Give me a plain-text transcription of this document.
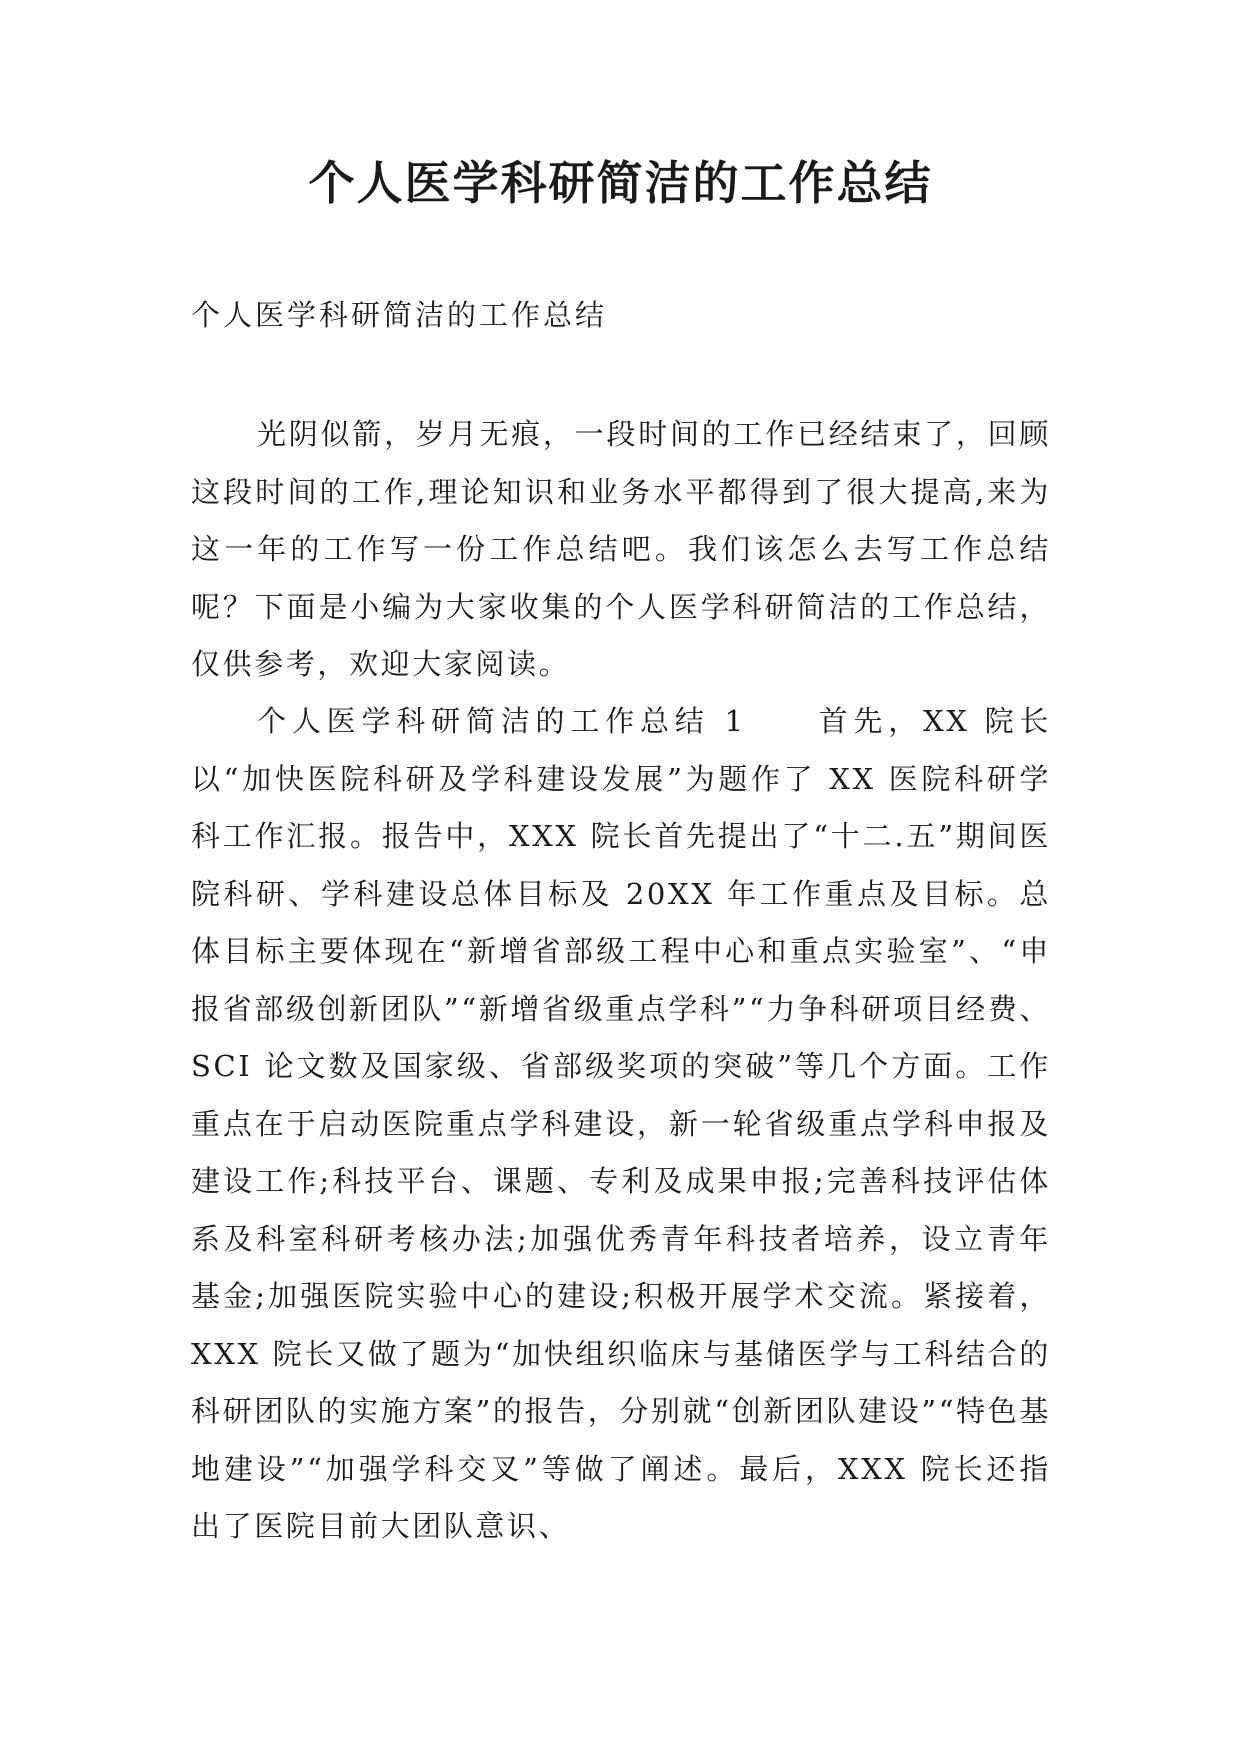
个人医学科研简洁的工作总结

个人医学科研简洁的工作总结

光阴似箭，岁月无痕，一段时间的工作已经结束了，回顾这段时间的工作,理论知识和业务水平都得到了很大提高,来为这一年的工作写一份工作总结吧。我们该怎么去写工作总结呢？下面是小编为大家收集的个人医学科研简洁的工作总结，仅供参考，欢迎大家阅读。

个人医学科研简洁的工作总结 1　　首先，XX 院长以“加快医院科研及学科建设发展”为题作了 XX 医院科研学科工作汇报。报告中，XXX 院长首先提出了“十二.五”期间医院科研、学科建设总体目标及 20XX 年工作重点及目标。总体目标主要体现在“新增省部级工程中心和重点实验室”、“申报省部级创新团队”“新增省级重点学科”“力争科研项目经费、SCI 论文数及国家级、省部级奖项的突破”等几个方面。工作重点在于启动医院重点学科建设，新一轮省级重点学科申报及建设工作;科技平台、课题、专利及成果申报;完善科技评估体系及科室科研考核办法;加强优秀青年科技者培养，设立青年基金;加强医院实验中心的建设;积极开展学术交流。紧接着，XXX 院长又做了题为“加快组织临床与基储医学与工科结合的科研团队的实施方案”的报告，分别就“创新团队建设”“特色基地建设”“加强学科交叉”等做了阐述。最后，XXX 院长还指出了医院目前大团队意识、
